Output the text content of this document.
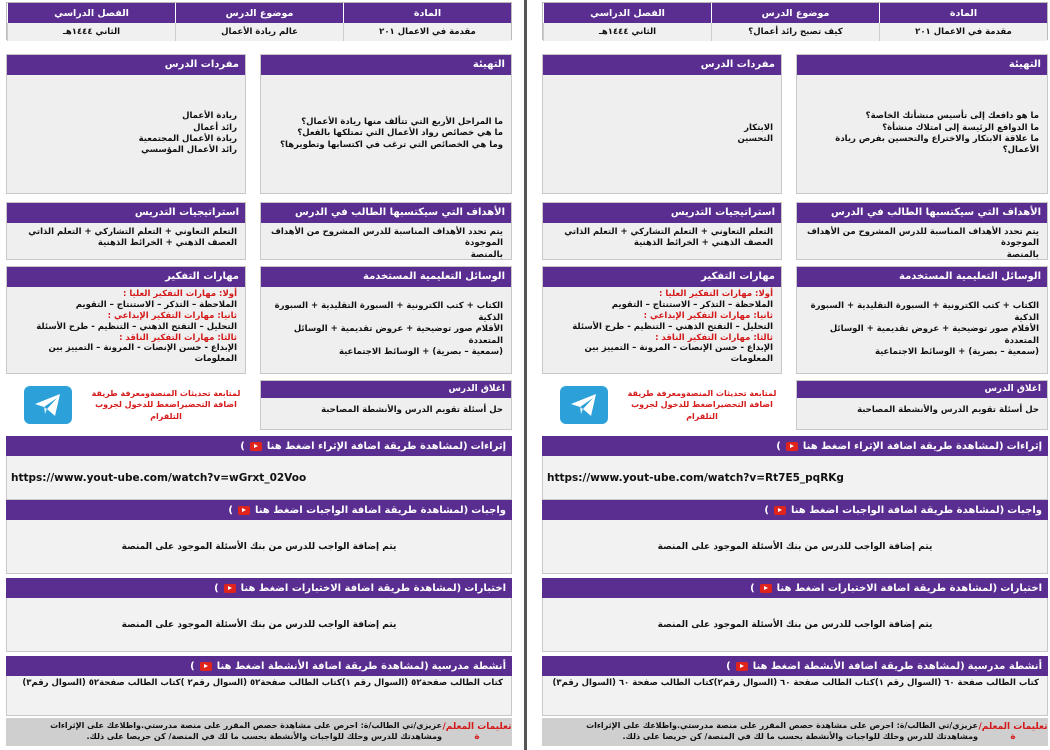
المادة
موضوع الدرس
الفصل الدراسي
مقدمة في الاعمال ٢٠١
كيف تصبح رائد أعمال؟
الثاني ١٤٤٤هـ
التهيئة
ما هو دافعك إلى تأسيس منشأتك الخاصة؟
ما الدوافع الرئيسة إلى امتلاك منشأة؟
ما علاقة الابتكار والاختراع والتحسين بفرص ريادة الأعمال؟
مفردات الدرس
الابتكار
التحسين
الأهداف التي سيكتسبها الطالب في الدرس
يتم تحدد الأهداف المناسبة للدرس المشروح من الأهداف الموجودة
بالمنصة
استراتيجيات التدريس
التعلم التعاوني + التعلم التشاركي + التعلم الذاتي
العصف الذهني + الخرائط الذهنية
الوسائل التعليمية المستخدمة
الكتاب + كتب الكترونية + السبورة التقليدية + السبورة الذكية
الأقلام صور توضيحية + عروض تقديمية + الوسائل المتعددة
(سمعية – بصرية) + الوسائط الاجتماعية
مهارات التفكير
أولا: مهارات التفكير العليا :
الملاحظة – التذكر – الاستنتاج – التقويم
ثانيا: مهارات التفكير الإبداعي :
التحليل – التفتح الذهني – التنظيم - طرح الأسئلة
ثالثا: مهارات التفكير الناقد :
الإبداع - حسن الإنصات - المرونة – التمييز بين المعلومات
اغلاق الدرس
حل أسئلة تقويم الدرس والأنشطة المصاحبة
لمتابعة تحديثات المنصةومعرفة طريقة اضافة التحضيراضغط للدخول لجروب التلقرام
إثراءات
(لمشاهدة طريقة اضافة الإثراء اضغط هنا
)
https://www.yout-ube.com/watch?v=Rt7E5_pqRKg
واجبات
(لمشاهدة طريقة اضافة الواجبات اضغط هنا
)
يتم إضافة الواجب للدرس من بنك الأسئلة الموجود على المنصة
اختبارات
(لمشاهدة طريقة اضافة الاختبارات اضغط هنا
)
يتم إضافة الواجب للدرس من بنك الأسئلة الموجود على المنصة
أنشطة مدرسية
(لمشاهدة طريقة اضافة الأنشطة اضغط هنا
)
كتاب الطالب صفحة ٦٠ (السوال رقم ١)كتاب الطالب صفحة ٦٠ (السوال رقم٢)كتاب الطالب صفحة ٦٠ (السوال رقم٣)
تعليمات المعلم/ة
عزيزي/تي الطالب/ة: احرص على مشاهدة حصص المقرر على منصة مدرستي.واطلاعك على الإثراءات ومشاهدتك للدرس وحلك للواجبات والأنشطة بحسب ما لك في المنصة/ كن حريصا على ذلك.
المادة
موضوع الدرس
الفصل الدراسي
مقدمة في الاعمال ٢٠١
عالم ريادة الأعمال
الثاني ١٤٤٤هـ
التهيئة
ما المراحل الأربع التي تتألف منها ريادة الأعمال؟
ما هي خصائص رواد الأعمال التي تمتلكها بالفعل؟
وما هي الخصائص التي ترغب في اكتسابها وتطويرها؟
مفردات الدرس
ريادة الأعمال
رائد أعمال
ريادة الأعمال المجتمعية
رائد الأعمال المؤسسي
الأهداف التي سيكتسبها الطالب في الدرس
يتم تحدد الأهداف المناسبة للدرس المشروح من الأهداف الموجودة
بالمنصة
استراتيجيات التدريس
التعلم التعاوني + التعلم التشاركي + التعلم الذاتي
العصف الذهني + الخرائط الذهنية
الوسائل التعليمية المستخدمة
الكتاب + كتب الكترونية + السبورة التقليدية + السبورة الذكية
الأقلام صور توضيحية + عروض تقديمية + الوسائل المتعددة
(سمعية – بصرية) + الوسائط الاجتماعية
مهارات التفكير
أولا: مهارات التفكير العليا :
الملاحظة – التذكر – الاستنتاج – التقويم
ثانيا: مهارات التفكير الإبداعي :
التحليل – التفتح الذهني – التنظيم - طرح الأسئلة
ثالثا: مهارات التفكير الناقد :
الإبداع - حسن الإنصات - المرونة – التمييز بين المعلومات
اغلاق الدرس
حل أسئلة تقويم الدرس والأنشطة المصاحبة
لمتابعة تحديثات المنصةومعرفة طريقة اضافة التحضيراضغط للدخول لجروب التلقرام
إثراءات
(لمشاهدة طريقة اضافة الإثراء اضغط هنا
)
https://www.yout-ube.com/watch?v=wGrxt_02Voo
واجبات
(لمشاهدة طريقة اضافة الواجبات اضغط هنا
)
يتم إضافة الواجب للدرس من بنك الأسئلة الموجود على المنصة
اختبارات
(لمشاهدة طريقة اضافة الاختبارات اضغط هنا
)
يتم إضافة الواجب للدرس من بنك الأسئلة الموجود على المنصة
أنشطة مدرسية
(لمشاهدة طريقة اضافة الأنشطة اضغط هنا
)
كتاب الطالب صفحة٥٢ (السوال رقم ١)كتاب الطالب صفحة٥٢ (السوال رقم٢ )كتاب الطالب صفحة٥٢ (السوال رقم٣)
تعليمات المعلم/ة
عزيزي/تي الطالب/ة: احرص على مشاهدة حصص المقرر على منصة مدرستي.واطلاعك على الإثراءات ومشاهدتك للدرس وحلك للواجبات والأنشطة بحسب ما لك في المنصة/ كن حريصا على ذلك.
